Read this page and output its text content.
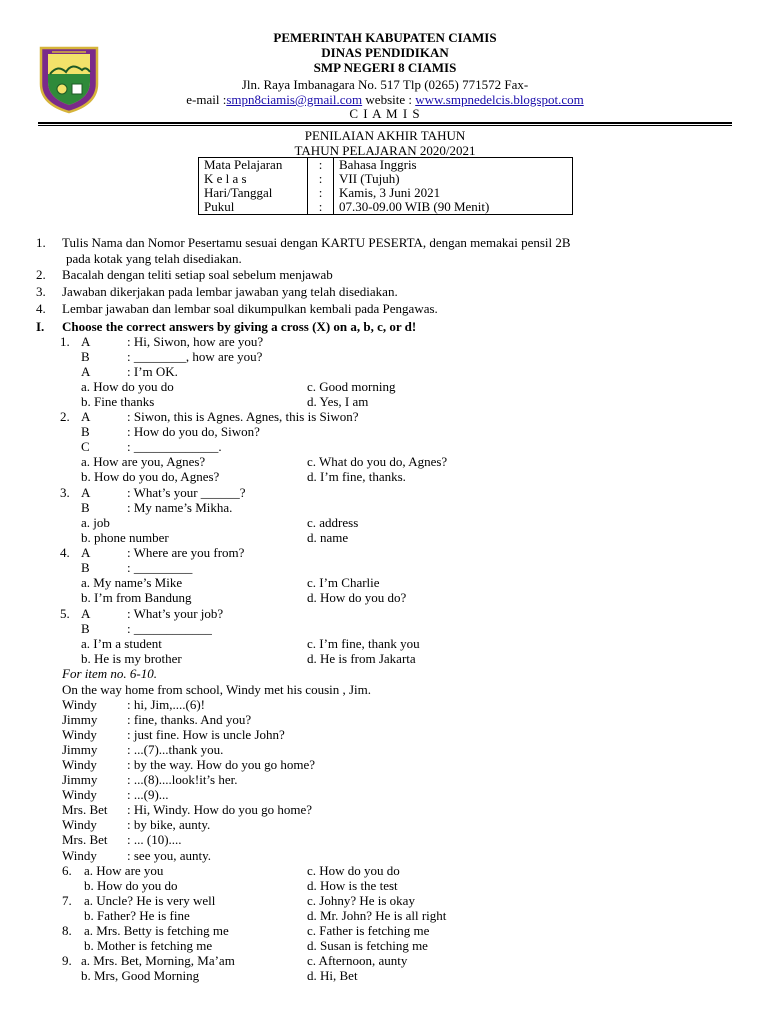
PEMERINTAH KABUPATEN CIAMIS
DINAS PENDIDIKAN
SMP NEGERI 8 CIAMIS
Jln. Raya Imbanagara No. 517 Tlp (0265) 771572 Fax-
e-mail :smpn8ciamis@gmail.com website : www.smpnedelcis.blogspot.com
C I A M I S
PENILAIAN AKHIR TAHUN
TAHUN PELAJARAN 2020/2021
Mata Pelajaran	:	Bahasa Inggris
K e l a s	:	VII (Tujuh)
Hari/Tanggal	:	Kamis, 3 Juni 2021
Pukul	:	07.30-09.00 WIB (90 Menit)
1. Tulis Nama dan Nomor Pesertamu sesuai dengan KARTU PESERTA, dengan memakai pensil 2B
pada kotak yang telah disediakan.
2. Bacalah dengan teliti setiap soal sebelum menjawab
3. Jawaban dikerjakan pada lembar jawaban yang telah disediakan.
4. Lembar jawaban dan lembar soal dikumpulkan kembali pada Pengawas.
I. Choose the correct answers by giving a cross (X) on a, b, c, or d!
1. A	: Hi, Siwon, how are you?
B	: ________, how are you?
A	: I’m OK.
a. How do you do	c. Good morning
b. Fine thanks	d. Yes, I am
2. A	: Siwon, this is Agnes. Agnes, this is Siwon?
B	: How do you do, Siwon?
C	: _____________.
a. How are you, Agnes?	c. What do you do, Agnes?
b. How do you do, Agnes?	d. I’m fine, thanks.
3. A	: What’s your ______?
B	: My name’s Mikha.
a. job	c. address
b. phone number	d. name
4. A	: Where are you from?
B	: _________
a. My name’s Mike	c. I’m Charlie
b. I’m from Bandung	d. How do you do?
5. A	: What’s your job?
B	: ____________
a. I’m a student	c. I’m fine, thank you
b. He is my brother	d. He is from Jakarta
For item no. 6-10.
On the way home from school, Windy met his cousin , Jim.
Windy : hi, Jim,....(6)!
Jimmy : fine, thanks. And you?
Windy : just fine. How is uncle John?
Jimmy : ...(7)...thank you.
Windy : by the way. How do you go home?
Jimmy : ...(8)....look!it’s her.
Windy : ...(9)...
Mrs. Bet : Hi, Windy. How do you go home?
Windy : by bike, aunty.
Mrs. Bet : ... (10)....
Windy : see you, aunty.
6. a. How are you	c. How do you do
b. How do you do	d. How is the test
7. a. Uncle? He is very well	c. Johny? He is okay
b. Father? He is fine	d. Mr. John? He is all right
8. a. Mrs. Betty is fetching me	c. Father is fetching me
b. Mother is fetching me	d. Susan is fetching me
9. a. Mrs. Bet, Morning, Ma’am	c. Afternoon, aunty
b. Mrs, Good Morning	d. Hi, Bet
